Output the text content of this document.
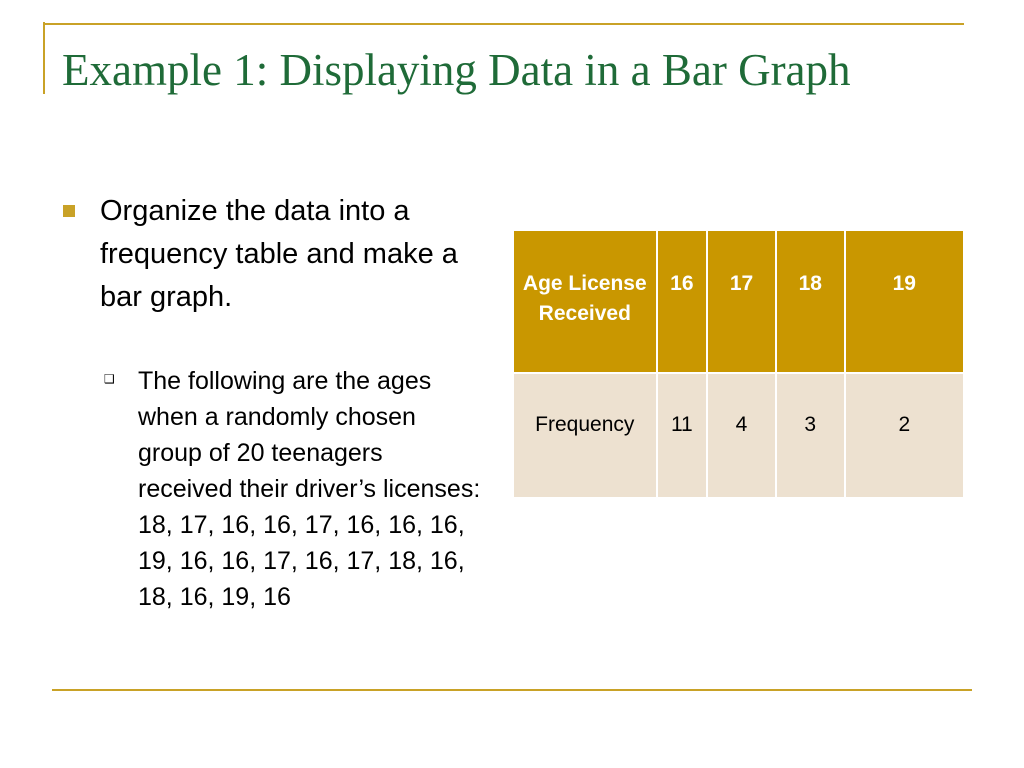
Example 1: Displaying Data in a Bar Graph
Organize the data into a frequency table and make a bar graph.
❑ The following are the ages when a randomly chosen group of 20 teenagers received their driver’s licenses: 18, 17, 16, 16, 17, 16, 16, 16, 19, 16, 16, 17, 16, 17, 18, 16, 18, 16, 19, 16
Age License Received	16	17	18	19
Frequency	11	4	3	2
